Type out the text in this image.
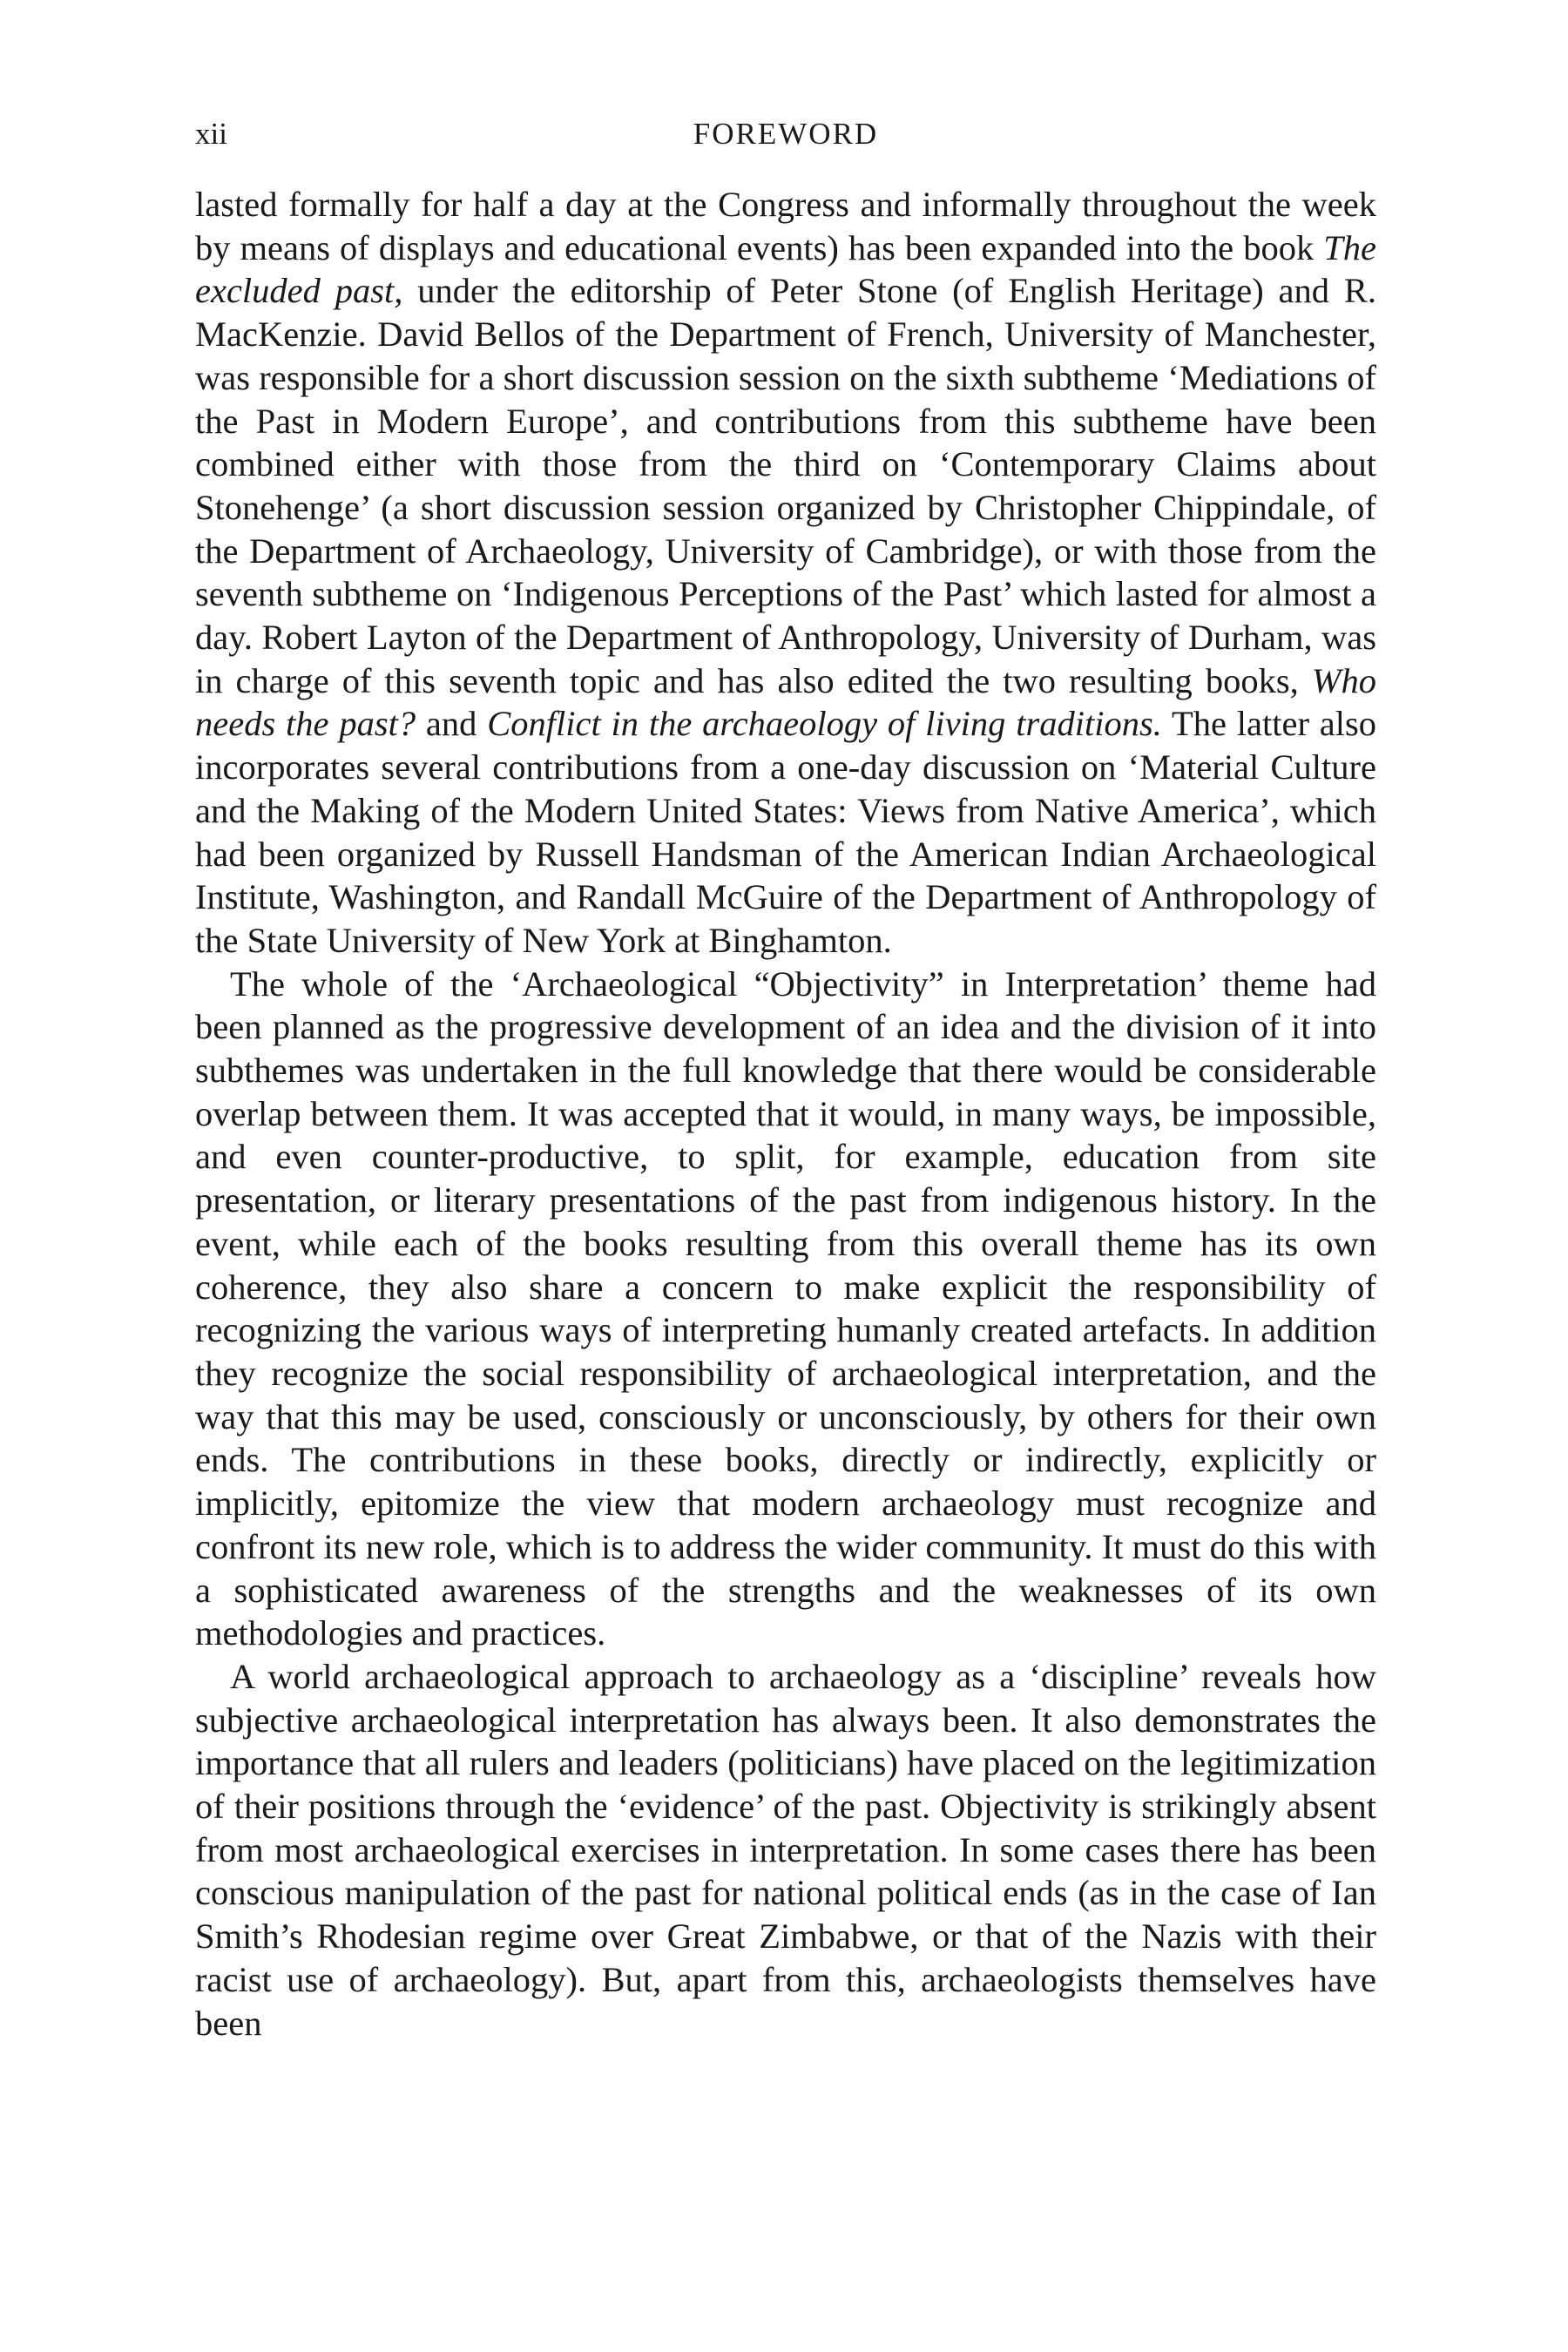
xii	FOREWORD

lasted formally for half a day at the Congress and informally throughout the week by means of displays and educational events) has been expanded into the book The excluded past, under the editorship of Peter Stone (of English Heritage) and R. MacKenzie. David Bellos of the Department of French, University of Manchester, was responsible for a short discussion session on the sixth subtheme ‘Mediations of the Past in Modern Europe’, and contributions from this subtheme have been combined either with those from the third on ‘Contemporary Claims about Stonehenge’ (a short discussion session organized by Christopher Chippindale, of the Department of Archaeology, University of Cambridge), or with those from the seventh subtheme on ‘Indigenous Perceptions of the Past’ which lasted for almost a day. Robert Layton of the Department of Anthropology, University of Durham, was in charge of this seventh topic and has also edited the two resulting books, Who needs the past? and Conflict in the archaeology of living traditions. The latter also incorporates several contributions from a one-day discussion on ‘Material Culture and the Making of the Modern United States: Views from Native America’, which had been organized by Russell Handsman of the American Indian Archaeological Institute, Washington, and Randall McGuire of the Department of Anthropology of the State University of New York at Binghamton.

The whole of the ‘Archaeological “Objectivity” in Interpretation’ theme had been planned as the progressive development of an idea and the division of it into subthemes was undertaken in the full knowledge that there would be considerable overlap between them. It was accepted that it would, in many ways, be impossible, and even counter-productive, to split, for example, education from site presentation, or literary presentations of the past from indigenous history. In the event, while each of the books resulting from this overall theme has its own coherence, they also share a concern to make explicit the responsibility of recognizing the various ways of interpreting humanly created artefacts. In addition they recognize the social responsibility of archaeological interpretation, and the way that this may be used, consciously or unconsciously, by others for their own ends. The contributions in these books, directly or indirectly, explicitly or implicitly, epitomize the view that modern archaeology must recognize and confront its new role, which is to address the wider community. It must do this with a sophisticated awareness of the strengths and the weaknesses of its own methodologies and practices.

A world archaeological approach to archaeology as a ‘discipline’ reveals how subjective archaeological interpretation has always been. It also demonstrates the importance that all rulers and leaders (politicians) have placed on the legitimization of their positions through the ‘evidence’ of the past. Objectivity is strikingly absent from most archaeological exercises in interpretation. In some cases there has been conscious manipulation of the past for national political ends (as in the case of Ian Smith’s Rhodesian regime over Great Zimbabwe, or that of the Nazis with their racist use of archaeology). But, apart from this, archaeologists themselves have been
